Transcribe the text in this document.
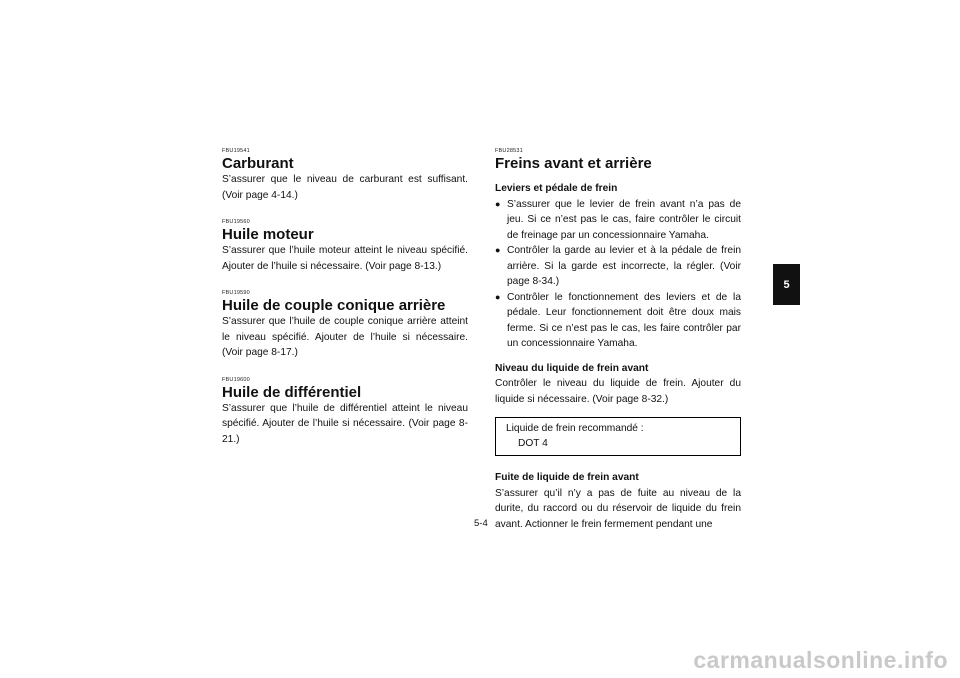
FBU19541
Carburant

S’assurer que le niveau de carburant est suffisant. (Voir page 4-14.)

FBU19560
Huile moteur

S’assurer que l’huile moteur atteint le niveau spécifié. Ajouter de l’huile si nécessaire. (Voir page 8-13.)

FBU19590
Huile de couple conique arrière

S’assurer que l’huile de couple conique arrière atteint le niveau spécifié. Ajouter de l’huile si nécessaire. (Voir page 8-17.)

FBU19600
Huile de différentiel

S’assurer que l’huile de différentiel atteint le niveau spécifié. Ajouter de l’huile si nécessaire. (Voir page 8-21.)

FBU28531
Freins avant et arrière

Leviers et pédale de frein

● S’assurer que le levier de frein avant n’a pas de jeu. Si ce n’est pas le cas, faire contrôler le circuit de freinage par un concessionnaire Yamaha.
● Contrôler la garde au levier et à la pédale de frein arrière. Si la garde est incorrecte, la régler. (Voir page 8-34.)
● Contrôler le fonctionnement des leviers et de la pédale. Leur fonctionnement doit être doux mais ferme. Si ce n’est pas le cas, les faire contrôler par un concessionnaire Yamaha.

Niveau du liquide de frein avant

Contrôler le niveau du liquide de frein. Ajouter du liquide si nécessaire. (Voir page 8-32.)

Liquide de frein recommandé :
DOT 4

Fuite de liquide de frein avant

S’assurer qu’il n’y a pas de fuite au niveau de la durite, du raccord ou du réservoir de liquide du frein avant. Actionner le frein fermement pendant une

5-4
5
carmanualsonline.info
